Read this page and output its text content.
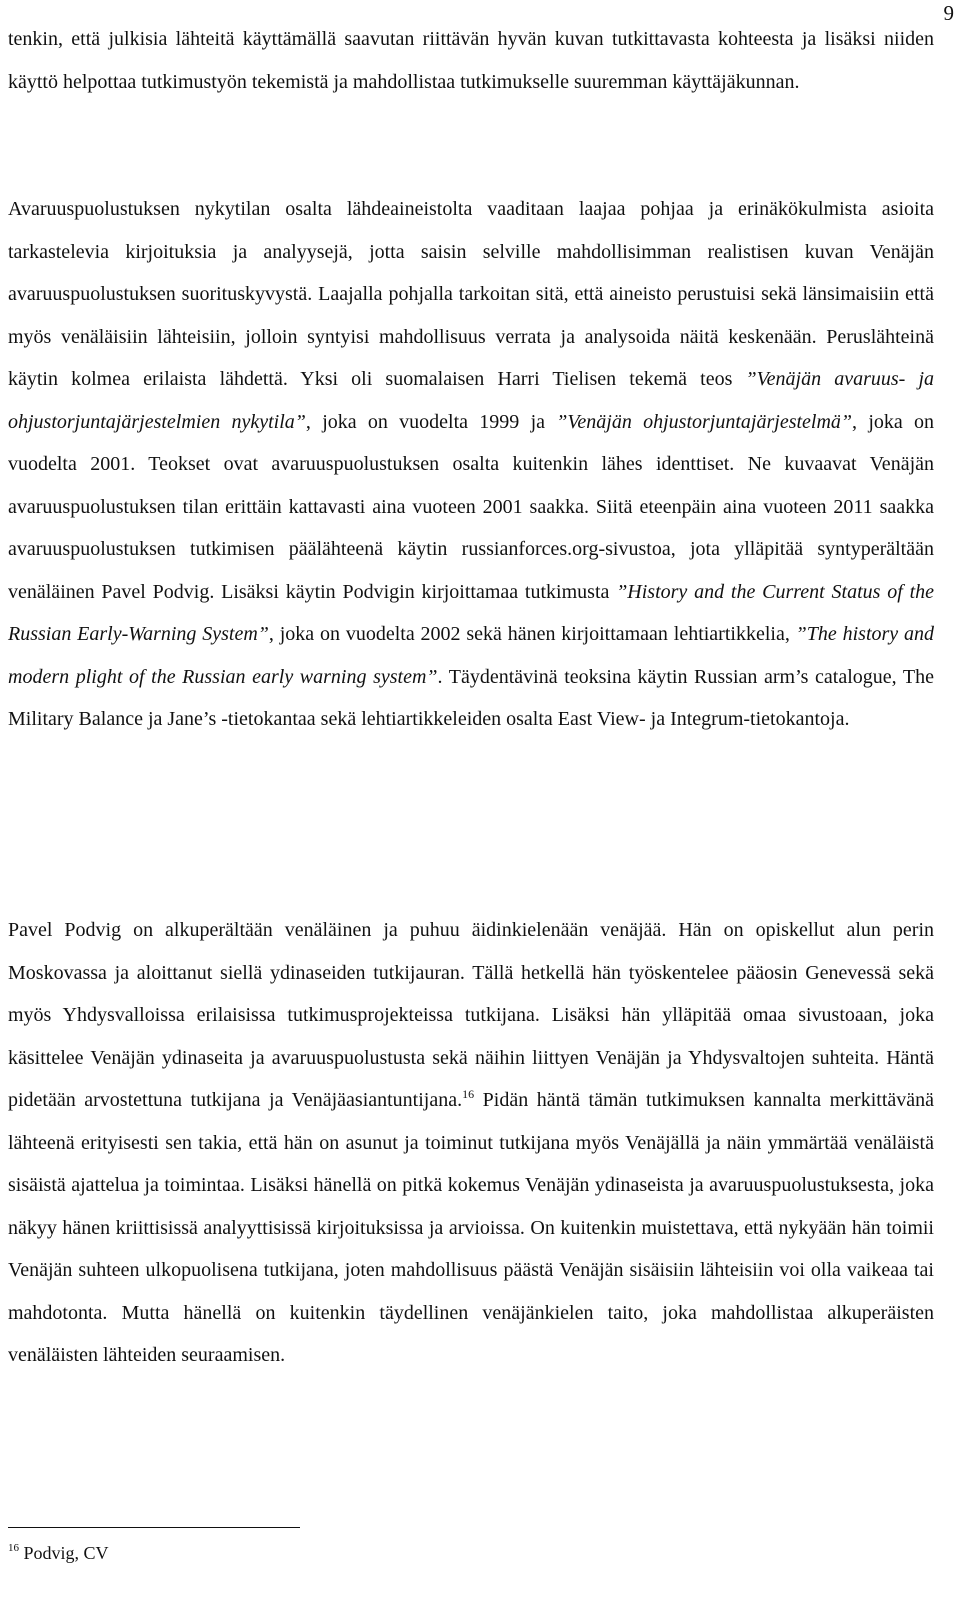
9

tenkin, että julkisia lähteitä käyttämällä saavutan riittävän hyvän kuvan tutkittavasta kohteesta ja lisäksi niiden käyttö helpottaa tutkimustyön tekemistä ja mahdollistaa tutkimukselle suuremman käyttäjäkunnan.

Avaruuspuolustuksen nykytilan osalta lähdeaineistolta vaaditaan laajaa pohjaa ja erinäkökulmista asioita tarkastelevia kirjoituksia ja analyysejä, jotta saisin selville mahdollisimman realistisen kuvan Venäjän avaruuspuolustuksen suorituskyvystä. Laajalla pohjalla tarkoitan sitä, että aineisto perustuisi sekä länsimaisiin että myös venäläisiin lähteisiin, jolloin syntyisi mahdollisuus verrata ja analysoida näitä keskenään. Peruslähteinä käytin kolmea erilaista lähdettä. Yksi oli suomalaisen Harri Tielisen tekemä teos ”Venäjän avaruus- ja ohjustorjuntajärjestelmien nykytila”, joka on vuodelta 1999 ja ”Venäjän ohjustorjuntajärjestelmä”, joka on vuodelta 2001. Teokset ovat avaruuspuolustuksen osalta kuitenkin lähes identtiset. Ne kuvaavat Venäjän avaruuspuolustuksen tilan erittäin kattavasti aina vuoteen 2001 saakka. Siitä eteenpäin aina vuoteen 2011 saakka avaruuspuolustuksen tutkimisen päälähteenä käytin russianforces.org-sivustoa, jota ylläpitää syntyperältään venäläinen Pavel Podvig. Lisäksi käytin Podvigin kirjoittamaa tutkimusta ”History and the Current Status of the Russian Early-Warning System”, joka on vuodelta 2002 sekä hänen kirjoittamaan lehtiartikkelia, ”The history and modern plight of the Russian early warning system”. Täydentävinä teoksina käytin Russian arm’s catalogue, The Military Balance ja Jane’s -tietokantaa sekä lehtiartikkeleiden osalta East View- ja Integrum-tietokantoja.

Pavel Podvig on alkuperältään venäläinen ja puhuu äidinkielenään venäjää. Hän on opiskellut alun perin Moskovassa ja aloittanut siellä ydinaseiden tutkijauran. Tällä hetkellä hän työskentelee pääosin Genevessä sekä myös Yhdysvalloissa erilaisissa tutkimusprojekteissa tutkijana. Lisäksi hän ylläpitää omaa sivustoaan, joka käsittelee Venäjän ydinaseita ja avaruuspuolustusta sekä näihin liittyen Venäjän ja Yhdysvaltojen suhteita. Häntä pidetään arvostettuna tutkijana ja Venäjäasiantuntijana.$^{16}$ Pidän häntä tämän tutkimuksen kannalta merkittävänä lähteenä erityisesti sen takia, että hän on asunut ja toiminut tutkijana myös Venäjällä ja näin ymmärtää venäläistä sisäistä ajattelua ja toimintaa. Lisäksi hänellä on pitkä kokemus Venäjän ydinaseista ja avaruuspuolustuksesta, joka näkyy hänen kriittisissä analyyttisissä kirjoituksissa ja arvioissa. On kuitenkin muistettava, että nykyään hän toimii Venäjän suhteen ulkopuolisena tutkijana, joten mahdollisuus päästä Venäjän sisäisiin lähteisiin voi olla vaikeaa tai mahdotonta. Mutta hänellä on kuitenkin täydellinen venäjänkielen taito, joka mahdollistaa alkuperäisten venäläisten lähteiden seuraamisen.

$^{16}$ Podvig, CV
